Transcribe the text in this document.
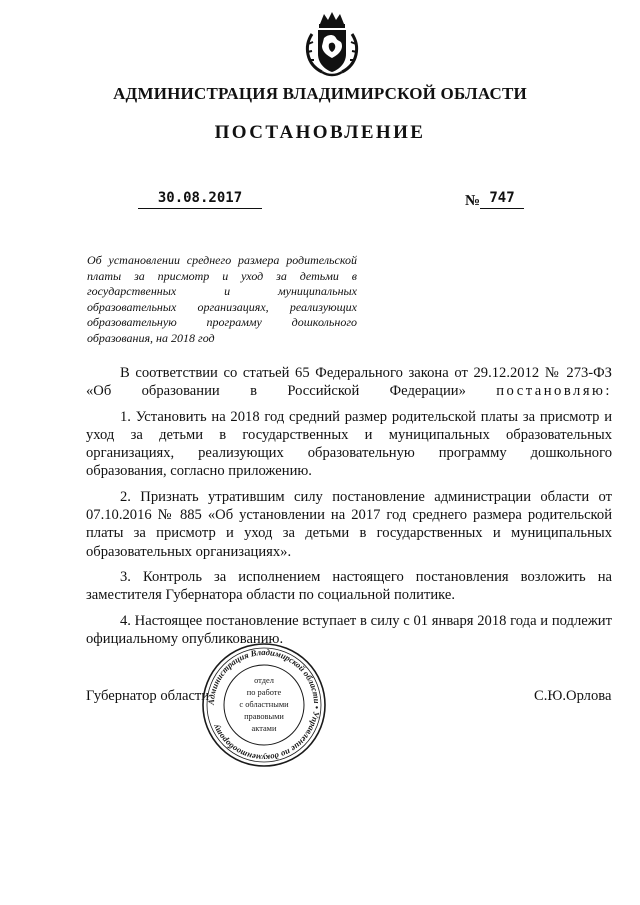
АДМИНИСТРАЦИЯ ВЛАДИМИРСКОЙ ОБЛАСТИ
ПОСТАНОВЛЕНИЕ
30.08.2017	№ 747
Об установлении среднего размера родительской платы за присмотр и уход за детьми в государственных и муниципальных образовательных организациях, реализующих образовательную программу дошкольного образования, на 2018 год

В соответствии со статьей 65 Федерального закона от 29.12.2012 № 273-ФЗ «Об образовании в Российской Федерации» постановляю:

1. Установить на 2018 год средний размер родительской платы за присмотр и уход за детьми в государственных и муниципальных образовательных организациях, реализующих образовательную программу дошкольного образования, согласно приложению.

2. Признать утратившим силу постановление администрации области от 07.10.2016 № 885 «Об установлении на 2017 год среднего размера родительской платы за присмотр и уход за детьми в государственных и муниципальных образовательных организациях».

3. Контроль за исполнением настоящего постановления возложить на заместителя Губернатора области по социальной политике.

4. Настоящее постановление вступает в силу с 01 января 2018 года и подлежит официальному опубликованию.

Губернатор области	С.Ю.Орлова
Администрация Владимирской области • Управление по документообороту
отдел
по работе
с областными
правовыми
актами
